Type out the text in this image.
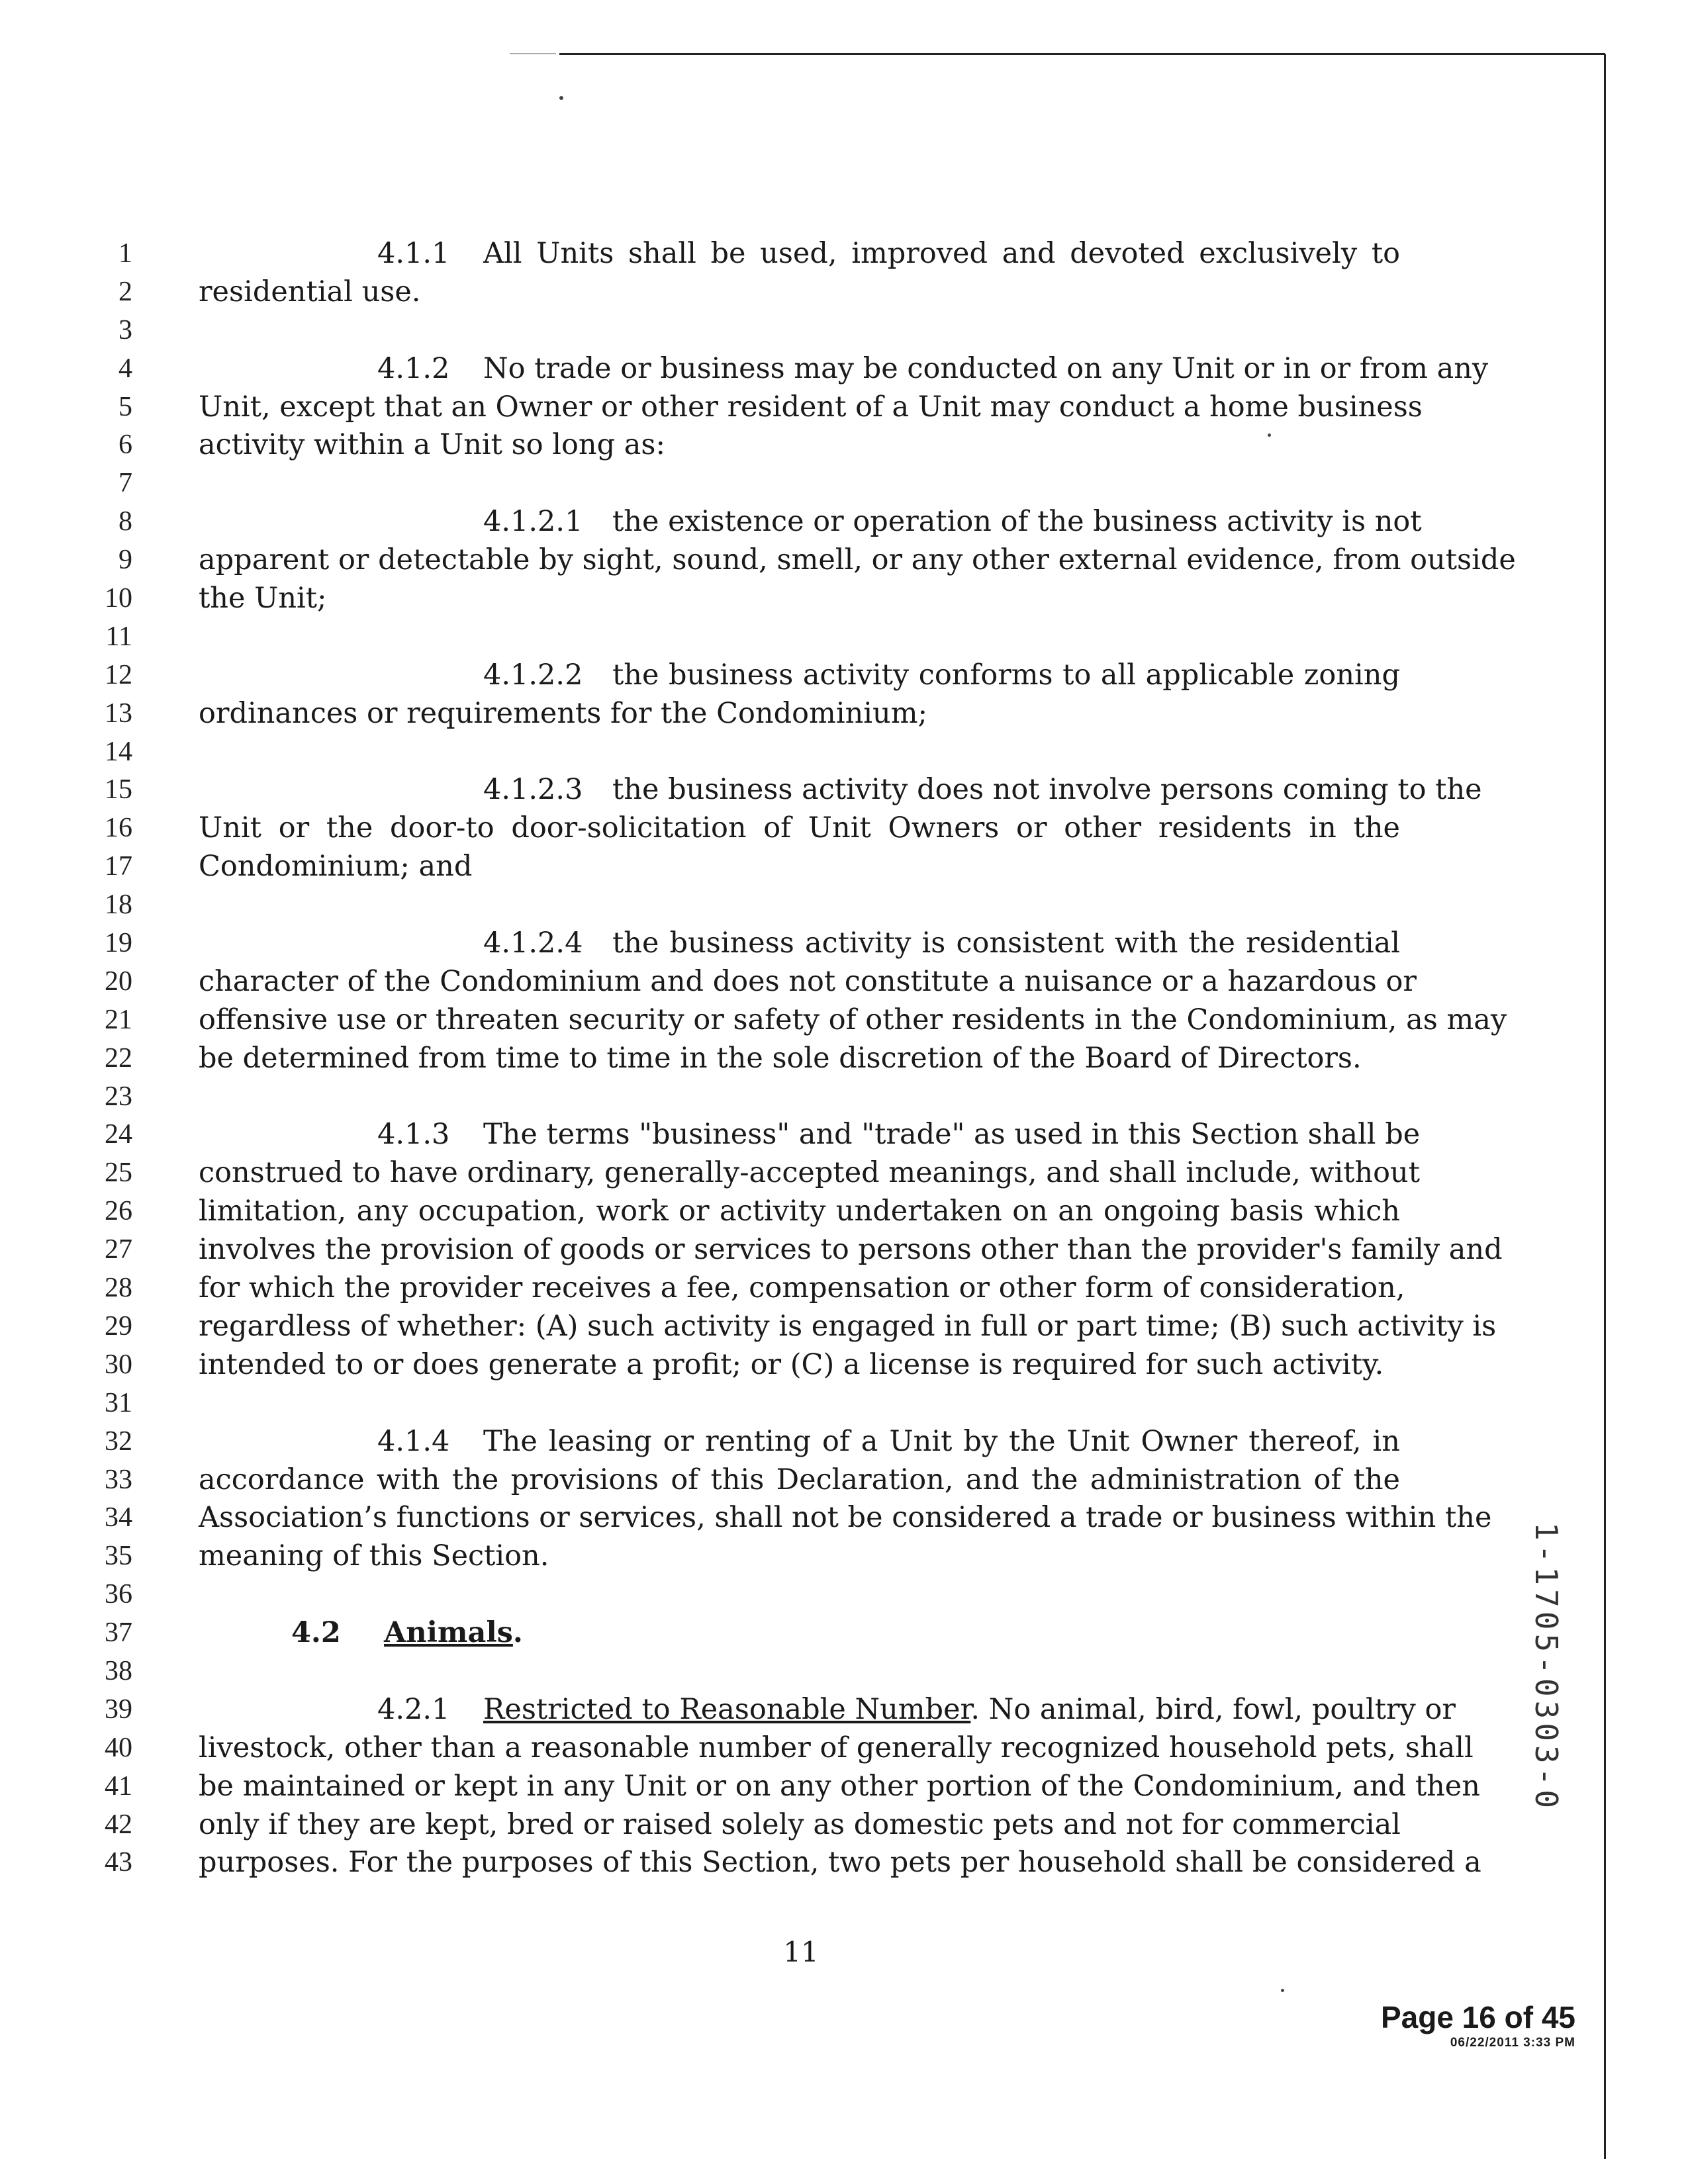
1
2
3
4
5
6
7
8
9
10
11
12
13
14
15
16
17
18
19
20
21
22
23
24
25
26
27
28
29
30
31
32
33
34
35
36
37
38
39
40
41
42
43
4.1.1 All Units shall be used, improved and devoted exclusively to
residential use.
4.1.2 No trade or business may be conducted on any Unit or in or from any
Unit, except that an Owner or other resident of a Unit may conduct a home business
activity within a Unit so long as:
4.1.2.1 the existence or operation of the business activity is not
apparent or detectable by sight, sound, smell, or any other external evidence, from outside
the Unit;
4.1.2.2 the business activity conforms to all applicable zoning
ordinances or requirements for the Condominium;
4.1.2.3 the business activity does not involve persons coming to the
Unit or the door-to door-solicitation of Unit Owners or other residents in the
Condominium; and
4.1.2.4 the business activity is consistent with the residential
character of the Condominium and does not constitute a nuisance or a hazardous or
offensive use or threaten security or safety of other residents in the Condominium, as may
be determined from time to time in the sole discretion of the Board of Directors.
4.1.3 The terms "business" and "trade" as used in this Section shall be
construed to have ordinary, generally-accepted meanings, and shall include, without
limitation, any occupation, work or activity undertaken on an ongoing basis which
involves the provision of goods or services to persons other than the provider's family and
for which the provider receives a fee, compensation or other form of consideration,
regardless of whether: (A) such activity is engaged in full or part time; (B) such activity is
intended to or does generate a profit; or (C) a license is required for such activity.
4.1.4 The leasing or renting of a Unit by the Unit Owner thereof, in
accordance with the provisions of this Declaration, and the administration of the
Association’s functions or services, shall not be considered a trade or business within the
meaning of this Section.
4.2 Animals.
4.2.1 Restricted to Reasonable Number. No animal, bird, fowl, poultry or
livestock, other than a reasonable number of generally recognized household pets, shall
be maintained or kept in any Unit or on any other portion of the Condominium, and then
only if they are kept, bred or raised solely as domestic pets and not for commercial
purposes. For the purposes of this Section, two pets per household shall be considered a
11
Page 16 of 45
06/22/2011 3:33 PM
1-1705-0303-0
